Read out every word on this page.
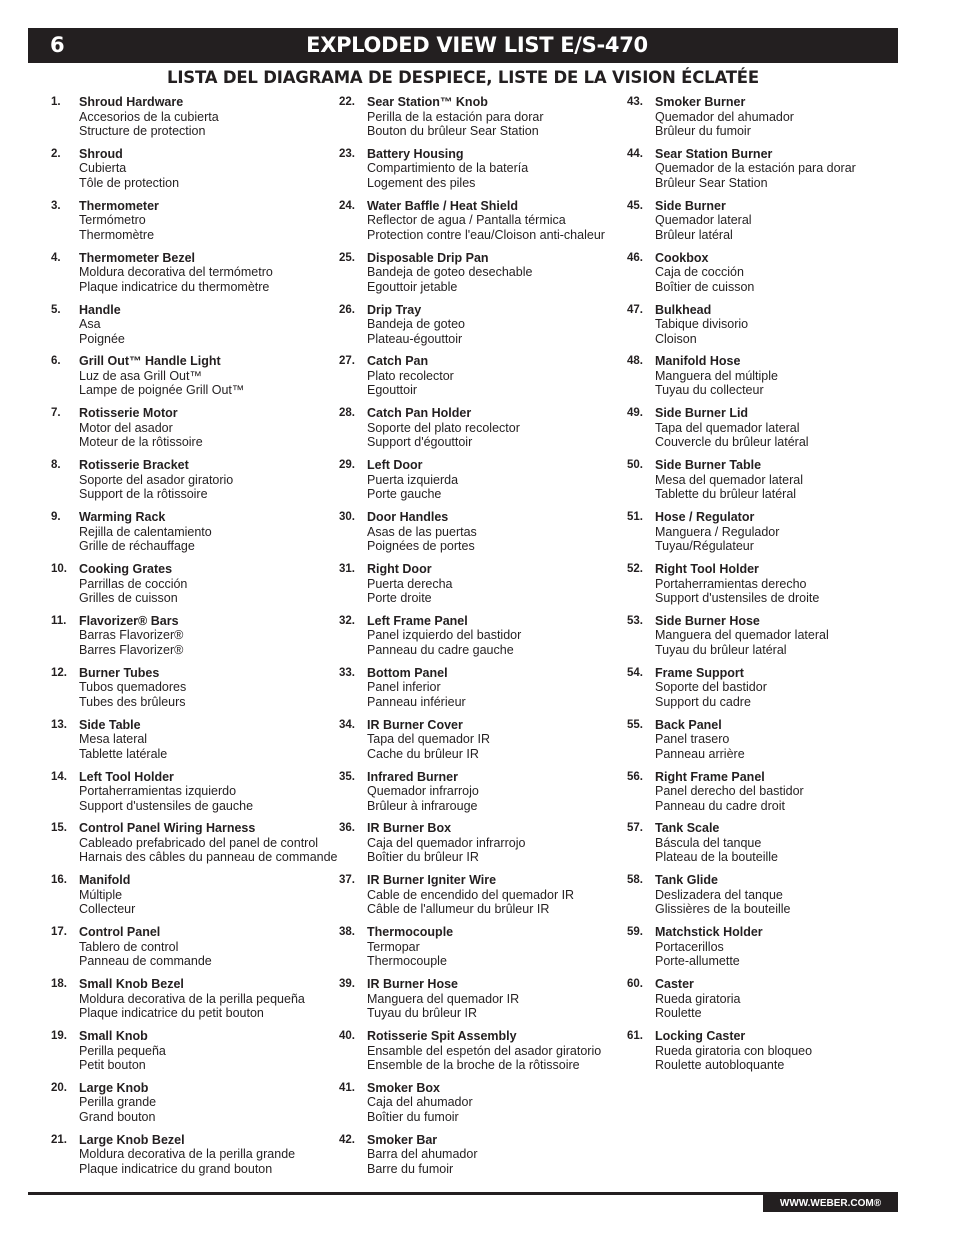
6	EXPLODED VIEW LIST E/S-470
LISTA DEL DIAGRAMA DE DESPIECE, LISTE DE LA VISION ÉCLATÉE
1. Shroud Hardware
Accesorios de la cubierta
Structure de protection
2. Shroud
Cubierta
Tôle de protection
3. Thermometer
Termómetro
Thermomètre
4. Thermometer Bezel
Moldura decorativa del termómetro
Plaque indicatrice du thermomètre
5. Handle
Asa
Poignée
6. Grill Out™ Handle Light
Luz de asa Grill Out™
Lampe de poignée Grill Out™
7. Rotisserie Motor
Motor del asador
Moteur de la rôtissoire
8. Rotisserie Bracket
Soporte del asador giratorio
Support de la rôtissoire
9. Warming Rack
Rejilla de calentamiento
Grille de réchauffage
10. Cooking Grates
Parrillas de cocción
Grilles de cuisson
11. Flavorizer® Bars
Barras Flavorizer®
Barres Flavorizer®
12. Burner Tubes
Tubos quemadores
Tubes des brûleurs
13. Side Table
Mesa lateral
Tablette latérale
14. Left Tool Holder
Portaherramientas izquierdo
Support d'ustensiles de gauche
15. Control Panel Wiring Harness
Cableado prefabricado del panel de control
Harnais des câbles du panneau de commande
16. Manifold
Múltiple
Collecteur
17. Control Panel
Tablero de control
Panneau de commande
18. Small Knob Bezel
Moldura decorativa de la perilla pequeña
Plaque indicatrice du petit bouton
19. Small Knob
Perilla pequeña
Petit bouton
20. Large Knob
Perilla grande
Grand bouton
21. Large Knob Bezel
Moldura decorativa de la perilla grande
Plaque indicatrice du grand bouton
22. Sear Station™ Knob
Perilla de la estación para dorar
Bouton du brûleur Sear Station
23. Battery Housing
Compartimiento de la batería
Logement des piles
24. Water Baffle / Heat Shield
Reflector de agua / Pantalla térmica
Protection contre l'eau/Cloison anti-chaleur
25. Disposable Drip Pan
Bandeja de goteo desechable
Egouttoir jetable
26. Drip Tray
Bandeja de goteo
Plateau-égouttoir
27. Catch Pan
Plato recolector
Egouttoir
28. Catch Pan Holder
Soporte del plato recolector
Support d'égouttoir
29. Left Door
Puerta izquierda
Porte gauche
30. Door Handles
Asas de las puertas
Poignées de portes
31. Right Door
Puerta derecha
Porte droite
32. Left Frame Panel
Panel izquierdo del bastidor
Panneau du cadre gauche
33. Bottom Panel
Panel inferior
Panneau inférieur
34. IR Burner Cover
Tapa del quemador IR
Cache du brûleur IR
35. Infrared Burner
Quemador infrarrojo
Brûleur à infrarouge
36. IR Burner Box
Caja del quemador infrarrojo
Boîtier du brûleur IR
37. IR Burner Igniter Wire
Cable de encendido del quemador IR
Câble de l'allumeur du brûleur IR
38. Thermocouple
Termopar
Thermocouple
39. IR Burner Hose
Manguera del quemador IR
Tuyau du brûleur IR
40. Rotisserie Spit Assembly
Ensamble del espetón del asador giratorio
Ensemble de la broche de la rôtissoire
41. Smoker Box
Caja del ahumador
Boîtier du fumoir
42. Smoker Bar
Barra del ahumador
Barre du fumoir
43. Smoker Burner
Quemador del ahumador
Brûleur du fumoir
44. Sear Station Burner
Quemador de la estación para dorar
Brûleur Sear Station
45. Side Burner
Quemador lateral
Brûleur latéral
46. Cookbox
Caja de cocción
Boîtier de cuisson
47. Bulkhead
Tabique divisorio
Cloison
48. Manifold Hose
Manguera del múltiple
Tuyau du collecteur
49. Side Burner Lid
Tapa del quemador lateral
Couvercle du brûleur latéral
50. Side Burner Table
Mesa del quemador lateral
Tablette du brûleur latéral
51. Hose / Regulator
Manguera / Regulador
Tuyau/Régulateur
52. Right Tool Holder
Portaherramientas derecho
Support d'ustensiles de droite
53. Side Burner Hose
Manguera del quemador lateral
Tuyau du brûleur latéral
54. Frame Support
Soporte del bastidor
Support du cadre
55. Back Panel
Panel trasero
Panneau arrière
56. Right Frame Panel
Panel derecho del bastidor
Panneau du cadre droit
57. Tank Scale
Báscula del tanque
Plateau de la bouteille
58. Tank Glide
Deslizadera del tanque
Glissières de la bouteille
59. Matchstick Holder
Portacerillos
Porte-allumette
60. Caster
Rueda giratoria
Roulette
61. Locking Caster
Rueda giratoria con bloqueo
Roulette autobloquante
WWW.WEBER.COM®
